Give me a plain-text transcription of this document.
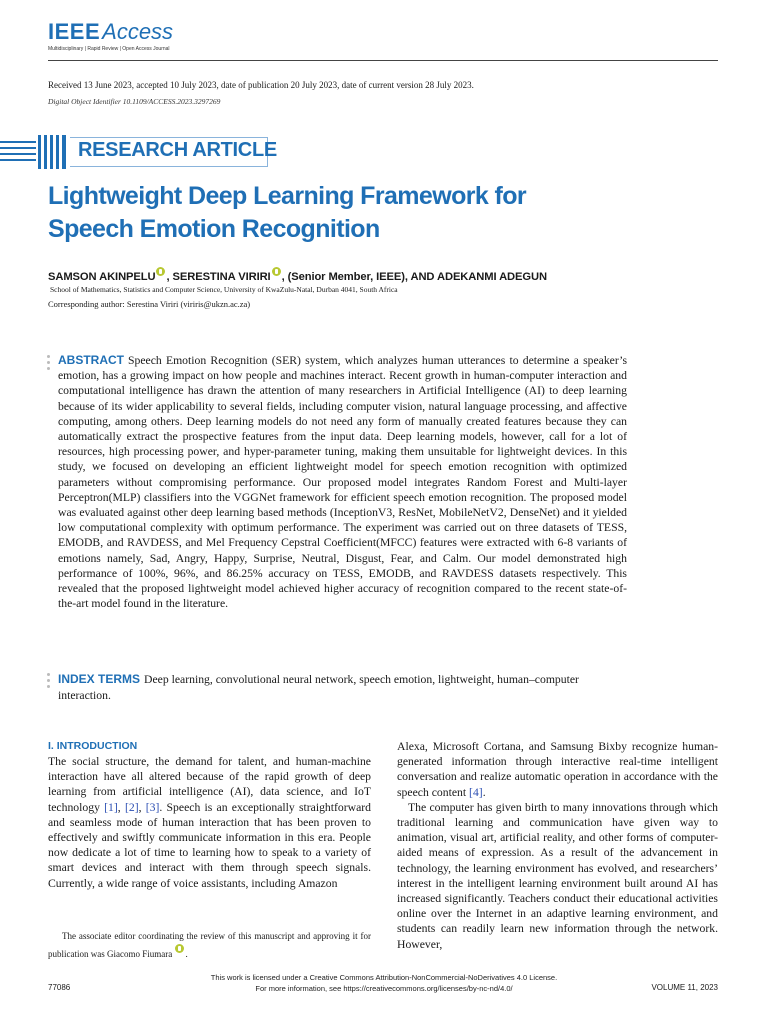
IEEEAccess
Multidisciplinary | Rapid Review | Open Access Journal
Received 13 June 2023, accepted 10 July 2023, date of publication 20 July 2023, date of current version 28 July 2023.
Digital Object Identifier 10.1109/ACCESS.2023.3297269
RESEARCH ARTICLE
Lightweight Deep Learning Framework for Speech Emotion Recognition
SAMSON AKINPELU , SERESTINA VIRIRI , (Senior Member, IEEE), AND ADEKANMI ADEGUN
School of Mathematics, Statistics and Computer Science, University of KwaZulu-Natal, Durban 4041, South Africa
Corresponding author: Serestina Viriri (viriris@ukzn.ac.za)

ABSTRACT Speech Emotion Recognition (SER) system, which analyzes human utterances to determine a speaker’s emotion, has a growing impact on how people and machines interact. Recent growth in human-computer interaction and computational intelligence has drawn the attention of many researchers in Artificial Intelligence (AI) to deep learning because of its wider applicability to several fields, including computer vision, natural language processing, and affective computing, among others. Deep learning models do not need any form of manually created features because they can automatically extract the prospective features from the input data. Deep learning models, however, call for a lot of resources, high processing power, and hyper-parameter tuning, making them unsuitable for lightweight devices. In this study, we focused on developing an efficient lightweight model for speech emotion recognition with optimized parameters without compromising performance. Our proposed model integrates Random Forest and Multi-layer Perceptron(MLP) classifiers into the VGGNet framework for efficient speech emotion recognition. The proposed model was evaluated against other deep learning based methods (InceptionV3, ResNet, MobileNetV2, DenseNet) and it yielded low computational complexity with optimum performance. The experiment was carried out on three datasets of TESS, EMODB, and RAVDESS, and Mel Frequency Cepstral Coefficient(MFCC) features were extracted with 6-8 variants of emotions namely, Sad, Angry, Happy, Surprise, Neutral, Disgust, Fear, and Calm. Our model demonstrated high performance of 100%, 96%, and 86.25% accuracy on TESS, EMODB, and RAVDESS datasets respectively. This revealed that the proposed lightweight model achieved higher accuracy of recognition compared to the recent state-of-the-art model found in the literature.

INDEX TERMS Deep learning, convolutional neural network, speech emotion, lightweight, human–computer interaction.

I. INTRODUCTION

The social structure, the demand for talent, and human-machine interaction have all altered because of the rapid growth of deep learning from artificial intelligence (AI), data science, and IoT technology [1], [2], [3]. Speech is an exceptionally straightforward and seamless mode of human interaction that has been proven to effectively and swiftly communicate information in this era. People now dedicate a lot of time to learning how to speak to a variety of smart devices and interact with them through speech signals. Currently, a wide range of voice assistants, including Amazon

The associate editor coordinating the review of this manuscript and approving it for publication was Giacomo Fiumara .

Alexa, Microsoft Cortana, and Samsung Bixby recognize human-generated information through interactive real-time intelligent conversation and realize automatic operation in accordance with the speech content [4].

The computer has given birth to many innovations through which traditional learning and communication have given way to animation, visual art, artificial reality, and other forms of computer-aided means of expression. As a result of the advancement in technology, the learning environment has evolved, and researchers’ interest in the intelligent learning environment built around AI has increased significantly. Teachers conduct their educational activities online over the Internet in an adaptive learning environment, and students can readily learn new information through the network. However,

This work is licensed under a Creative Commons Attribution-NonCommercial-NoDerivatives 4.0 License.
For more information, see https://creativecommons.org/licenses/by-nc-nd/4.0/
77086	VOLUME 11, 2023
